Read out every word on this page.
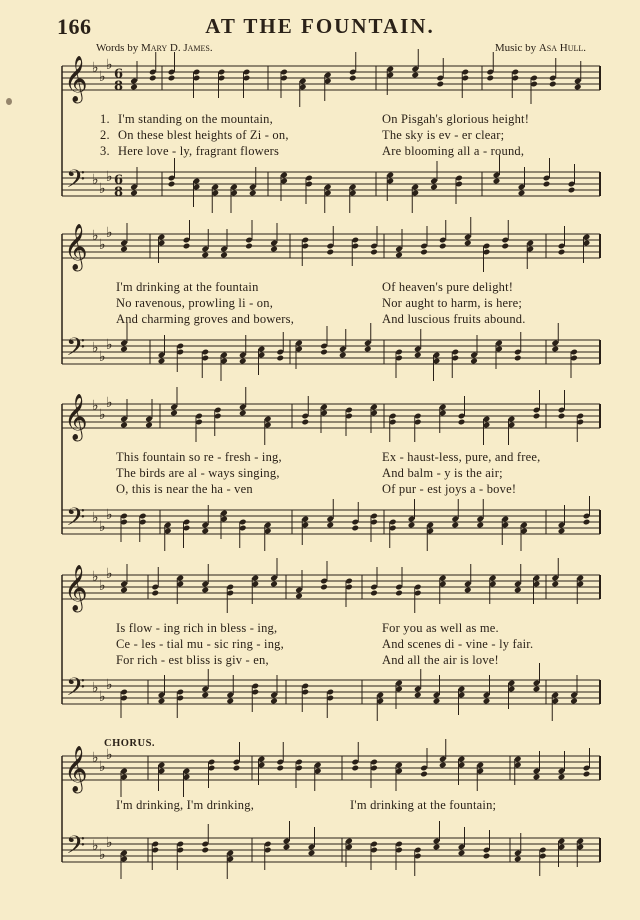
166	AT THE FOUNTAIN.
Words by Mary D. James.	Music by Asa Hull.
𝄞
𝄢
♭
♭
♭
♭
♭
♭
6
8
6
8
𝄞
𝄢
♭
♭
♭
♭
♭
♭
𝄞
𝄢
♭
♭
♭
♭
♭
♭
𝄞
𝄢
♭
♭
♭
♭
♭
♭
𝄞
𝄢
♭
♭
♭
♭
♭
♭
1. I'm standing on the mountain,	On Pisgah's glorious height!
2. On these blest heights of Zi - on,	The sky is ev - er clear;
3. Here love - ly, fragrant flowers	Are blooming all a - round,
I'm drinking at the fountain	Of heaven's pure delight!
No ravenous, prowling li - on,	Nor aught to harm, is here;
And charming groves and bowers,	And luscious fruits abound.
This fountain so re - fresh - ing,	Ex - haust-less, pure, and free,
The birds are al - ways singing,	And balm - y is the air;
O, this is near the ha - ven	Of pur - est joys a - bove!
Is flow - ing rich in bless - ing,	For you as well as me.
Ce - les - tial mu - sic ring - ing,	And scenes di - vine - ly fair.
For rich - est bliss is giv - en,	And all the air is love!
I'm drinking, I'm drinking,	I'm drinking at the fountain;
CHORUS.
